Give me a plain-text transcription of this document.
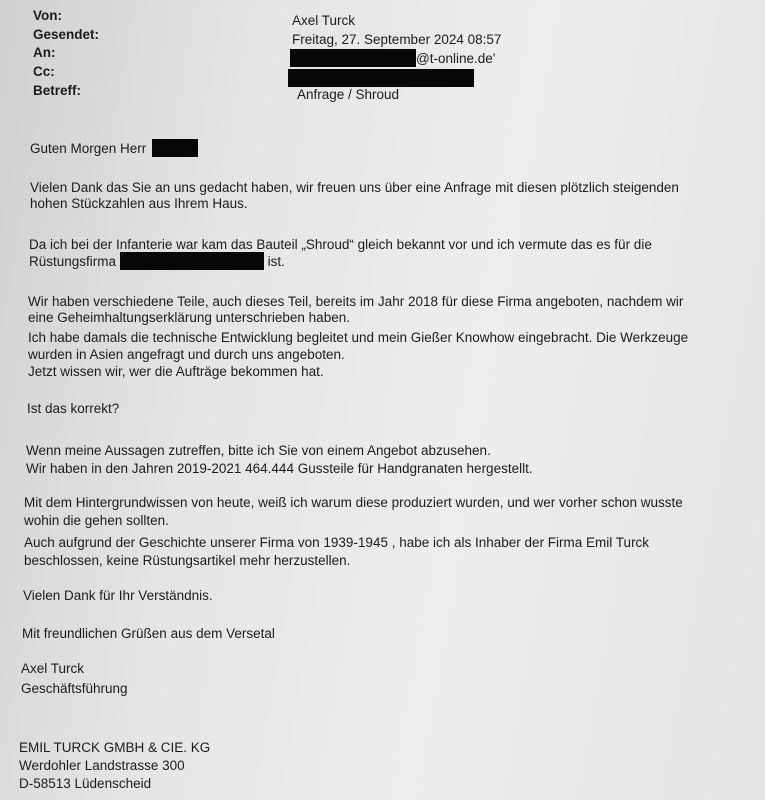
Von:
Gesendet:
An:
Cc:
Betreff:
Axel Turck
Freitag, 27. September 2024 08:57
@t-online.de'
Anfrage / Shroud
Guten Morgen Herr
Vielen Dank das Sie an uns gedacht haben, wir freuen uns über eine Anfrage mit diesen plötzlich steigenden
hohen Stückzahlen aus Ihrem Haus.
Da ich bei der Infanterie war kam das Bauteil „Shroud“ gleich bekannt vor und ich vermute das es für die
Rüstungsfirma	ist.
Wir haben verschiedene Teile, auch dieses Teil, bereits im Jahr 2018 für diese Firma angeboten, nachdem wir
eine Geheimhaltungserklärung unterschrieben haben.
Ich habe damals die technische Entwicklung begleitet und mein Gießer Knowhow eingebracht. Die Werkzeuge
wurden in Asien angefragt und durch uns angeboten.
Jetzt wissen wir, wer die Aufträge bekommen hat.
Ist das korrekt?
Wenn meine Aussagen zutreffen, bitte ich Sie von einem Angebot abzusehen.
Wir haben in den Jahren 2019-2021 464.444 Gussteile für Handgranaten hergestellt.
Mit dem Hintergrundwissen von heute, weiß ich warum diese produziert wurden, und wer vorher schon wusste
wohin die gehen sollten.
Auch aufgrund der Geschichte unserer Firma von 1939-1945 , habe ich als Inhaber der Firma Emil Turck
beschlossen, keine Rüstungsartikel mehr herzustellen.
Vielen Dank für Ihr Verständnis.
Mit freundlichen Grüßen aus dem Versetal
Axel Turck
Geschäftsführung
EMIL TURCK GMBH & CIE. KG
Werdohler Landstrasse 300
D-58513 Lüdenscheid
